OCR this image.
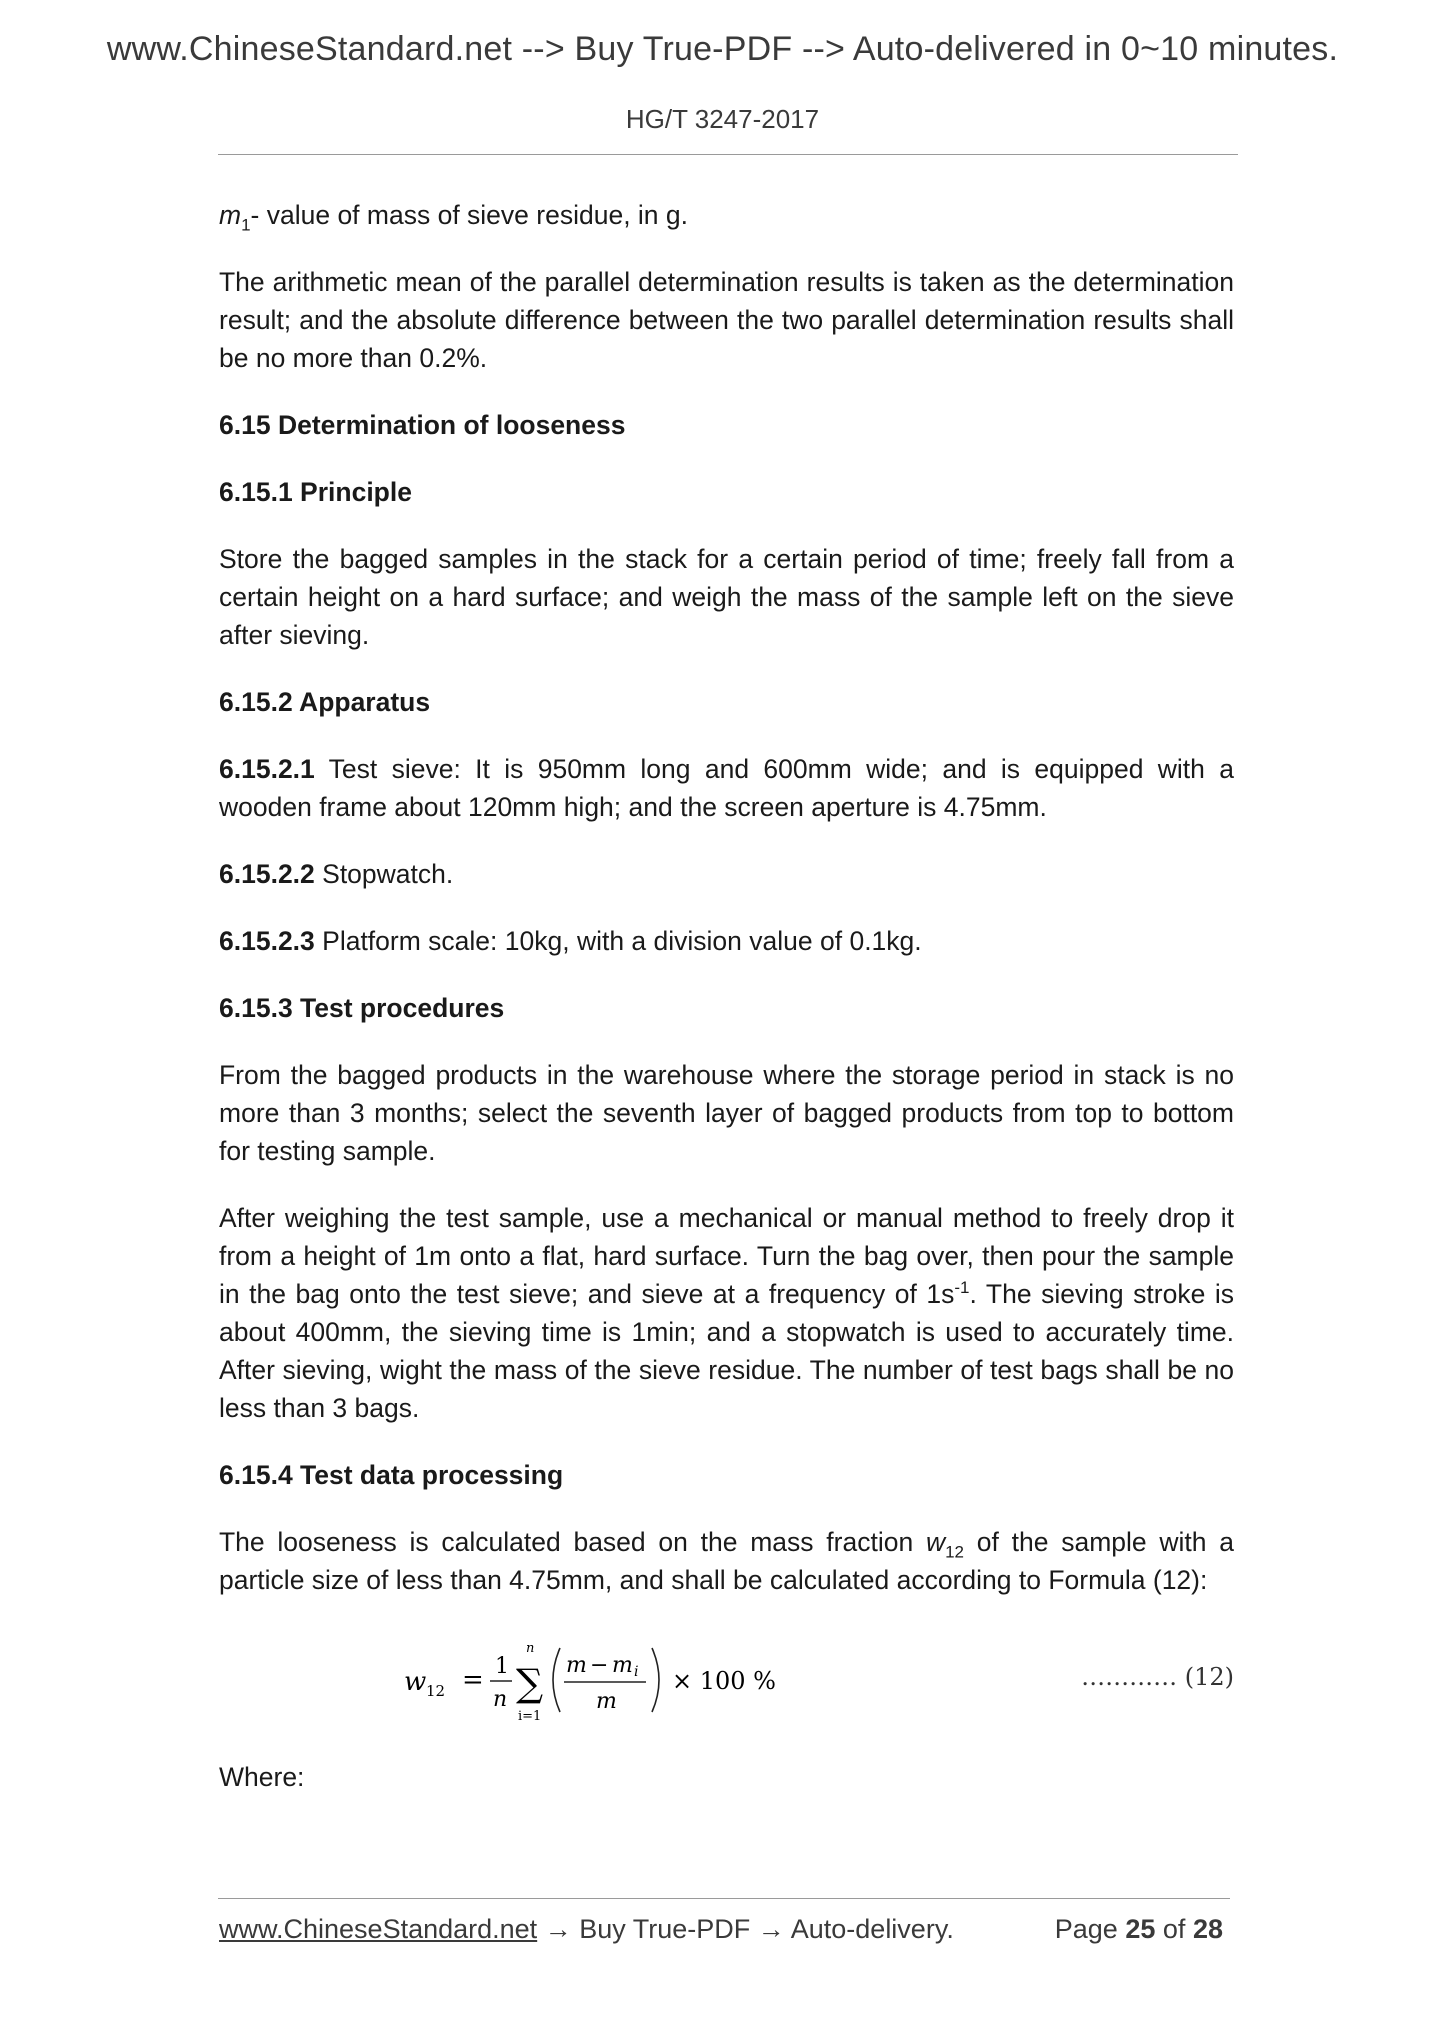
www.ChineseStandard.net --> Buy True-PDF --> Auto-delivered in 0~10 minutes.
HG/T 3247-2017

$m_1-$ value of mass of sieve residue, in g.

The arithmetic mean of the parallel determination results is taken as the determination result; and the absolute difference between the two parallel determination results shall be no more than 0.2%.

6.15 Determination of looseness

6.15.1 Principle

Store the bagged samples in the stack for a certain period of time; freely fall from a certain height on a hard surface; and weigh the mass of the sample left on the sieve after sieving.

6.15.2 Apparatus

6.15.2.1 Test sieve: It is 950mm long and 600mm wide; and is equipped with a wooden frame about 120mm high; and the screen aperture is 4.75mm.

6.15.2.2 Stopwatch.

6.15.2.3 Platform scale: 10kg, with a division value of 0.1kg.

6.15.3 Test procedures

From the bagged products in the warehouse where the storage period in stack is no more than 3 months; select the seventh layer of bagged products from top to bottom for testing sample.

After weighing the test sample, use a mechanical or manual method to freely drop it from a height of 1m onto a flat, hard surface. Turn the bag over, then pour the sample in the bag onto the test sieve; and sieve at a frequency of $1s^{-1}$. The sieving stroke is about 400mm, the sieving time is 1min; and a stopwatch is used to accurately time. After sieving, wight the mass of the sieve residue. The number of test bags shall be no less than 3 bags.

6.15.4 Test data processing

The looseness is calculated based on the mass fraction $w_{12}$ of the sample with a particle size of less than 4.75mm, and shall be calculated according to Formula (12):

w 12 = 1
n
n
∑
i=1
m − m i
m
× 100 %	………… (12)

Where:

www.ChineseStandard.net → Buy True-PDF → Auto-delivery.	Page 25 of 28
